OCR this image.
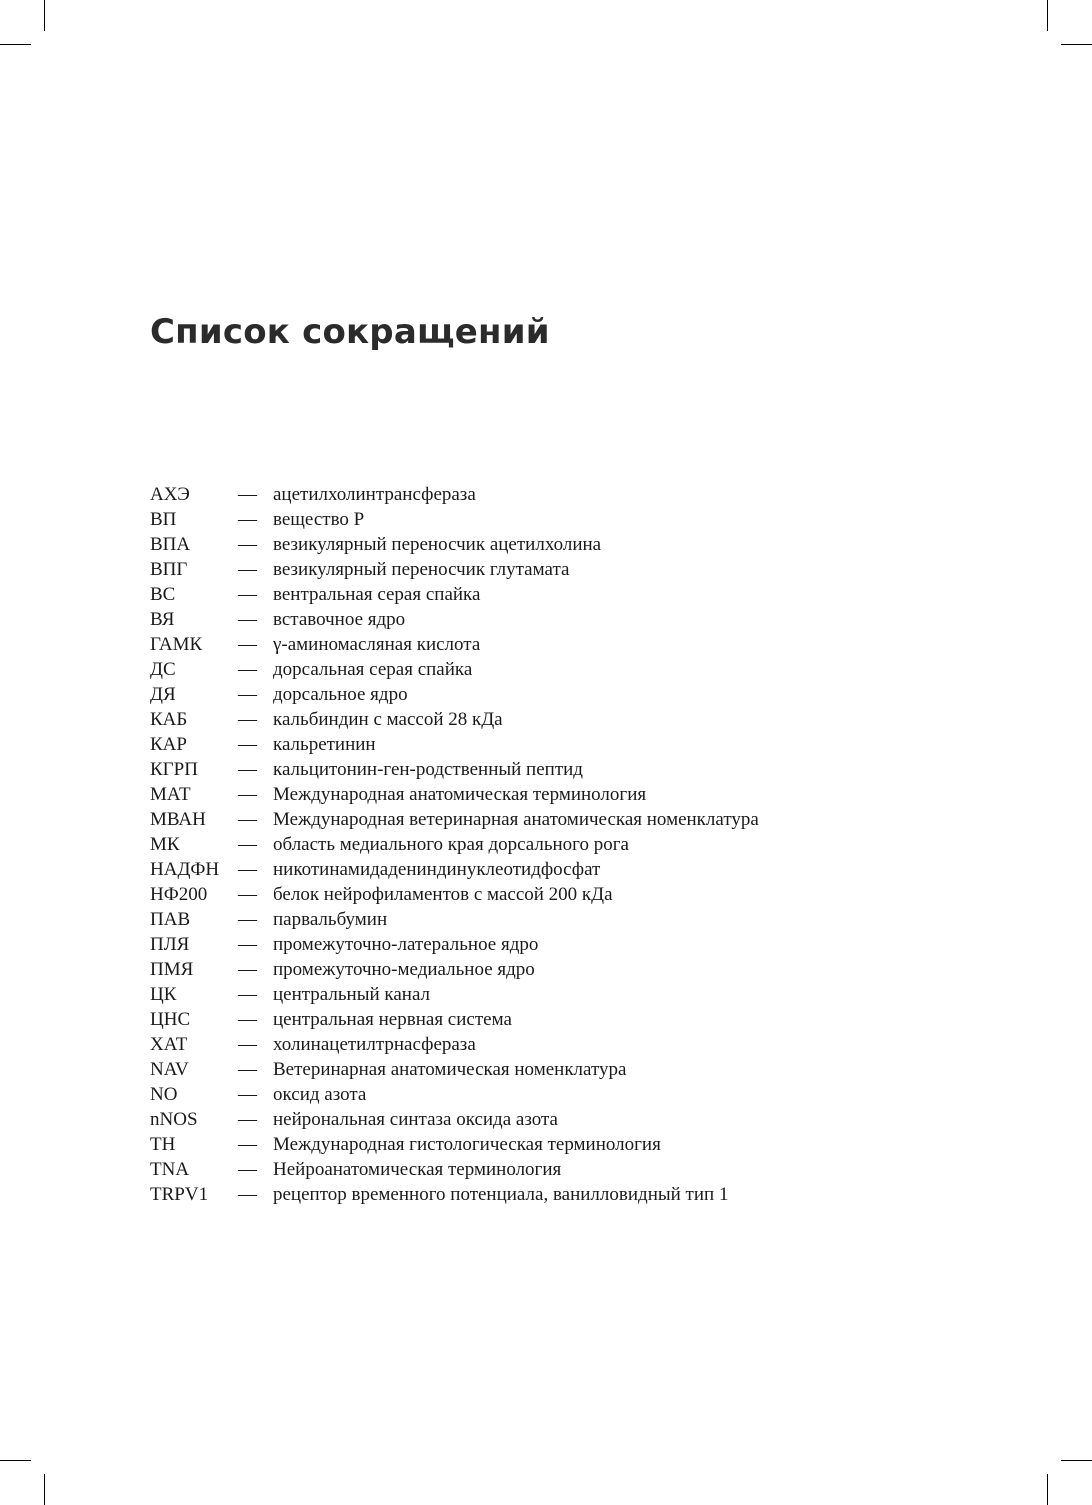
Список сокращений
АХЭ	— ацетилхолинтрансфераза
ВП	— вещество Р
ВПА	— везикулярный переносчик ацетилхолина
ВПГ	— везикулярный переносчик глутамата
ВС	— вентральная серая спайка
ВЯ	— вставочное ядро
ГАМК	— γ-аминомасляная кислота
ДС	— дорсальная серая спайка
ДЯ	— дорсальное ядро
КАБ	— кальбиндин с массой 28 кДа
КАР	— кальретинин
КГРП	— кальцитонин-ген-родственный пептид
МАТ	— Международная анатомическая терминология
МВАН	— Международная ветеринарная анатомическая номенклатура
МК	— область медиального края дорсального рога
НАДФН — никотинамидадениндинуклеотидфосфат
НФ200	— белок нейрофиламентов с массой 200 кДа
ПАВ	— парвальбумин
ПЛЯ	— промежуточно-латеральное ядро
ПМЯ	— промежуточно-медиальное ядро
ЦК	— центральный канал
ЦНС	— центральная нервная система
ХАТ	— холинацетилтрнасфераза
NAV	— Ветеринарная анатомическая номенклатура
NO	— оксид азота
nNOS	— нейрональная синтаза оксида азота
TH	— Международная гистологическая терминология
TNA	— Нейроанатомическая терминология
TRPV1	— рецептор временного потенциала, ванилловидный тип 1
